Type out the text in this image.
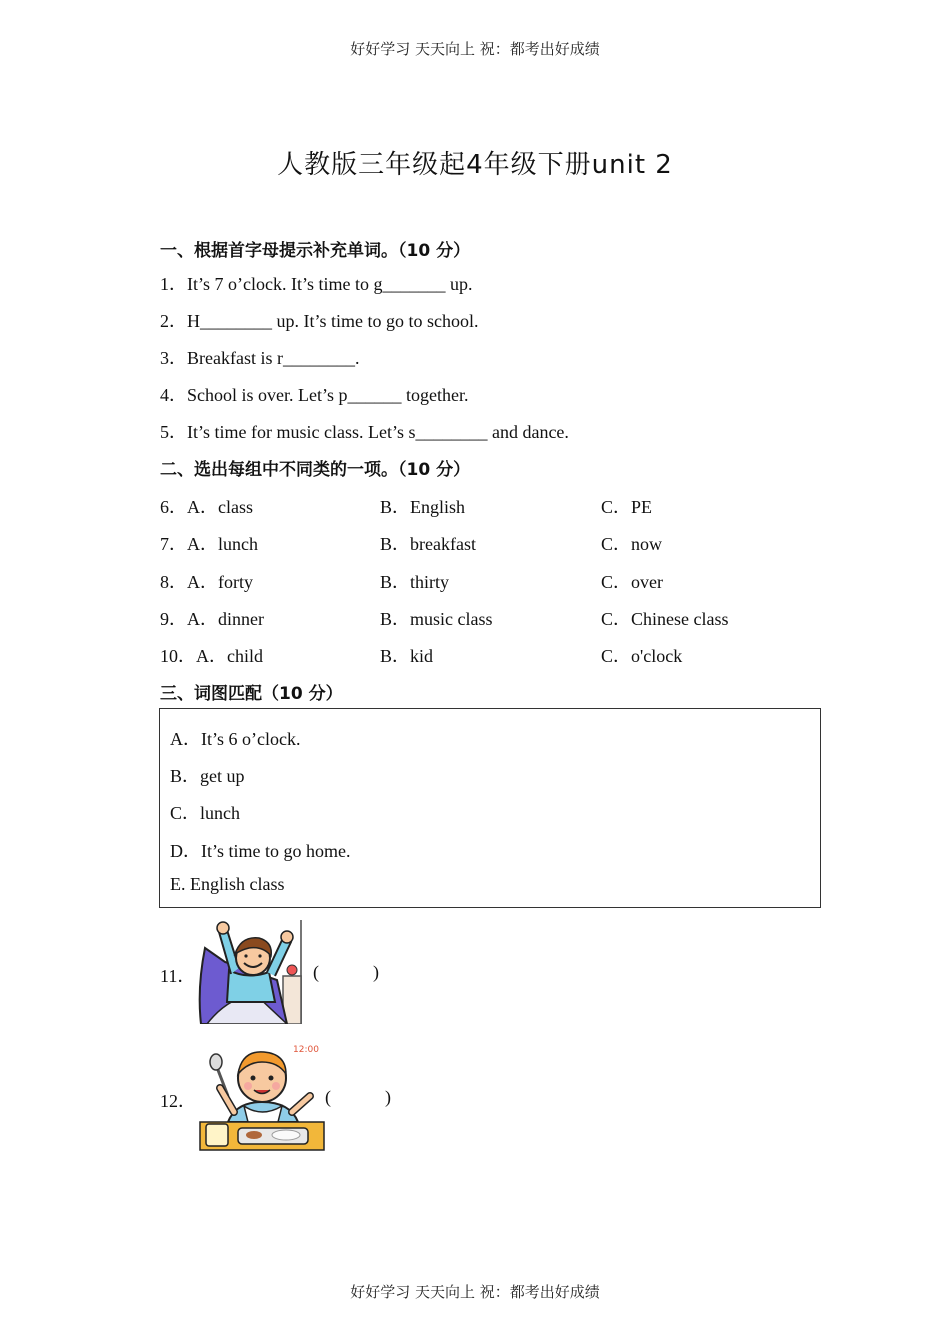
好好学习 天天向上 祝：都考出好成绩
人教版三年级起4年级下册unit 2
一、根据首字母提示补充单词。（10 分）
1．It’s 7 o’clock. It’s time to g_______ up.
2．H________ up. It’s time to go to school.
3．Breakfast is r________.
4．School is over. Let’s p______ together.
5．It’s time for music class. Let’s s________ and dance.
二、选出每组中不同类的一项。（10 分）
6．A．class	B．English	C．PE
7．A．lunch	B．breakfast	C．now
8．A．forty	B．thirty	C．over
9．A．dinner	B．music class	C．Chinese class
10．A．child	B．kid	C．o'clock
三、词图匹配（10 分）
A．It’s 6 o’clock.
B．get up
C．lunch
D．It’s time to go home.
E. English class
11．	(            )
12．
12:00
(            )
好好学习 天天向上 祝：都考出好成绩
